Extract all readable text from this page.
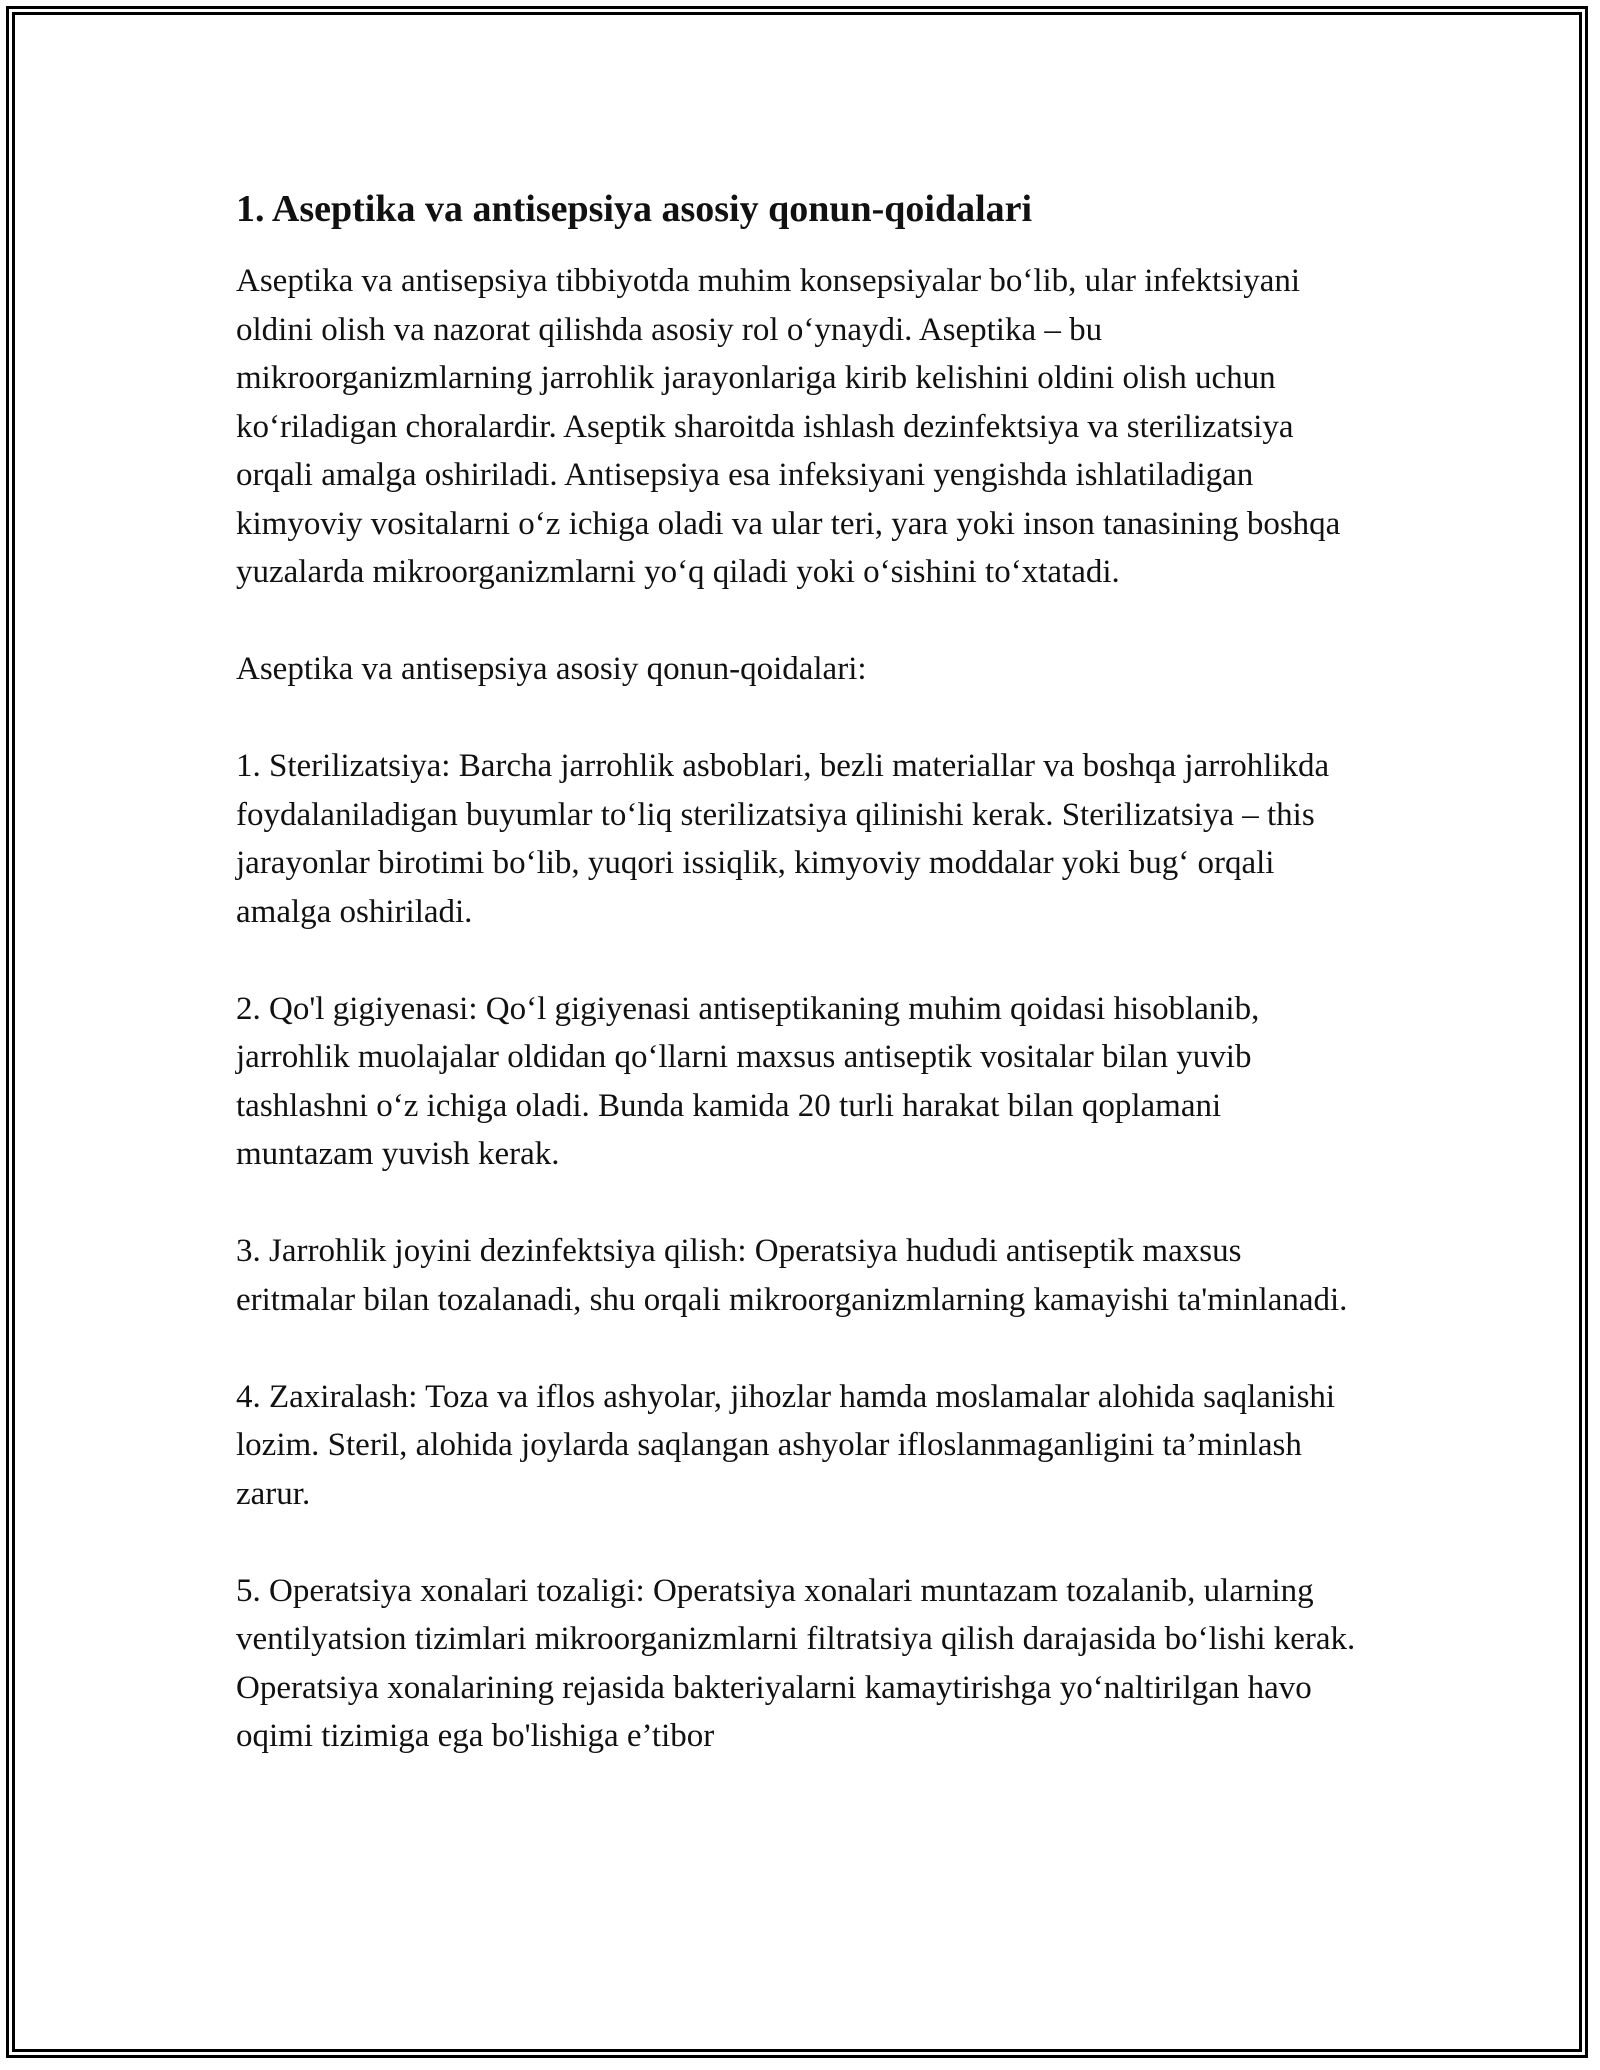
1. Aseptika va antisepsiya asosiy qonun-qoidalari

Aseptika va antisepsiya tibbiyotda muhim konsepsiyalar bo‘lib, ular infektsiyani oldini olish va nazorat qilishda asosiy rol o‘ynaydi. Aseptika – bu mikroorganizmlarning jarrohlik jarayonlariga kirib kelishini oldini olish uchun ko‘riladigan choralardir. Aseptik sharoitda ishlash dezinfektsiya va sterilizatsiya orqali amalga oshiriladi. Antisepsiya esa infeksiyani yengishda ishlatiladigan kimyoviy vositalarni o‘z ichiga oladi va ular teri, yara yoki inson tanasining boshqa yuzalarda mikroorganizmlarni yo‘q qiladi yoki o‘sishini to‘xtatadi.

Aseptika va antisepsiya asosiy qonun-qoidalari:

1. Sterilizatsiya: Barcha jarrohlik asboblari, bezli materiallar va boshqa jarrohlikda foydalaniladigan buyumlar to‘liq sterilizatsiya qilinishi kerak. Sterilizatsiya – this jarayonlar birotimi bo‘lib, yuqori issiqlik, kimyoviy moddalar yoki bug‘ orqali amalga oshiriladi.

2. Qo'l gigiyenasi: Qo‘l gigiyenasi antiseptikaning muhim qoidasi hisoblanib, jarrohlik muolajalar oldidan qo‘llarni maxsus antiseptik vositalar bilan yuvib tashlashni o‘z ichiga oladi. Bunda kamida 20 turli harakat bilan qoplamani muntazam yuvish kerak.

3. Jarrohlik joyini dezinfektsiya qilish: Operatsiya hududi antiseptik maxsus eritmalar bilan tozalanadi, shu orqali mikroorganizmlarning kamayishi ta'minlanadi.

4. Zaxiralash: Toza va iflos ashyolar, jihozlar hamda moslamalar alohida saqlanishi lozim. Steril, alohida joylarda saqlangan ashyolar ifloslanmaganligini ta’minlash zarur.

5. Operatsiya xonalari tozaligi: Operatsiya xonalari muntazam tozalanib, ularning ventilyatsion tizimlari mikroorganizmlarni filtratsiya qilish darajasida bo‘lishi kerak. Operatsiya xonalarining rejasida bakteriyalarni kamaytirishga yo‘naltirilgan havo oqimi tizimiga ega bo'lishiga e’tibor
